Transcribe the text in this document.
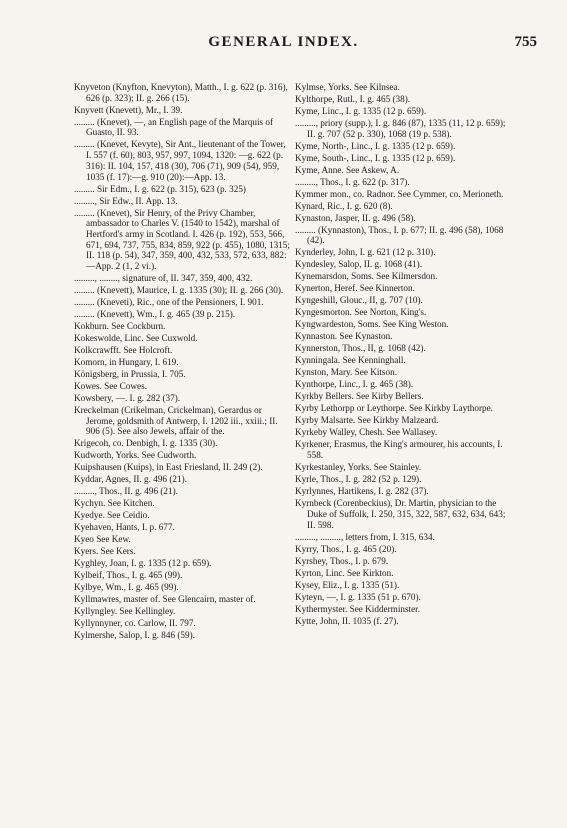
GENERAL INDEX.	755

Knyveton (Knyfton, Knevyton), Matth., I. g. 622 (p. 316), 626 (p. 323); II. g. 266 (15).

Knyvett (Knevett), Mr., I. 39.

......... (Knevet), —, an English page of the Marquis of Guasto, II. 93.

......... (Knevet, Kevyte), Sir Ant., lieutenant of the Tower, I. 557 (f. 60), 803, 957, 997, 1094, 1320: —g. 622 (p. 316): II. 104, 157, 418 (30), 706 (71), 909 (54), 959, 1035 (f. 17):—g. 910 (20):—App. 13.

......... Sir Edm., I. g. 622 (p. 315), 623 (p. 325)

........., Sir Edw., II. App. 13.

......... (Knevet), Sir Henry, of the Privy Chamber, ambassador to Charles V. (1540 to 1542), marshal of Hertford's army in Scotland. I. 426 (p. 192), 553, 566, 671, 694, 737, 755, 834, 859, 922 (p. 455), 1080, 1315; II. 118 (p. 54), 347, 359, 400, 432, 533, 572, 633, 882:—App. 2 (1, 2 vi.).

........., ........, signature of, II. 347, 359, 400, 432.

......... (Knevett), Maurice, I. g. 1335 (30); II. g. 266 (30).

......... (Kneveti), Ric., one of the Pensioners, I. 901.

......... (Knevett), Wm., I. g. 465 (39 p. 215).

Kokburn. See Cockburn.

Kokeswolde, Linc. See Cuxwold.

Kolkcrawfft. See Holcroft.

Komorn, in Hungary, I. 619.

Königsberg, in Prussia, I. 705.

Kowes. See Cowes.

Kowsbery, —. I. g. 282 (37).

Kreckelman (Crikelman, Crickelman), Gerardus or Jerome, goldsmith of Antwerp, I. 1202 iii., xxiii.; II. 906 (5). See also Jewels, affair of the.

Krigecoh, co. Denbigh, I. g. 1335 (30).

Kudworth, Yorks. See Cudworth.

Kuipshausen (Kuips), in East Friesland, II. 249 (2).

Kyddar, Agnes, II. g. 496 (21).

........., Thos., II. g. 496 (21).

Kychyn. See Kitchen.

Kyedye. See Ceidio.

Kyehaven, Hants, I. p. 677.

Kyeo See Kew.

Kyers. See Kers.

Kyghley, Joan, I. g. 1335 (12 p. 659).

Kylbeif, Thos., I. g. 465 (99).

Kylbye, Wm., I. g. 465 (99).

Kyllmawres, master of. See Glencairn, master of.

Kyllyngley. See Kellingley.

Kyllynnyner, co. Carlow, II. 797.

Kylmershe, Salop, I. g. 846 (59).

Kylmse, Yorks. See Kilnsea.

Kylthorpe, Rutl., I. g. 465 (38).

Kyme, Linc., I. g. 1335 (12 p. 659).

........., priory (supp.), I. g. 846 (87), 1335 (11, 12 p. 659); II. g. 707 (52 p. 330), 1068 (19 p. 538).

Kyme, North-, Linc., I. g. 1335 (12 p. 659).

Kyme, South-, Linc., I. g. 1335 (12 p. 659).

Kyme, Anne. See Askew, A.

........., Thos., I. g. 622 (p. 317).

Kymmer mon., co. Radnor. See Cymmer, co. Merioneth.

Kynard, Ric., I. g. 620 (8).

Kynaston, Jasper, II. g. 496 (58).

......... (Kynnaston), Thos., I. p. 677; II. g. 496 (58), 1068 (42).

Kynderley, John, I. g. 621 (12 p. 310).

Kyndesley, Salop, II. g. 1068 (41).

Kynemarsdon, Soms. See Kilmersdon.

Kynerton, Heref. See Kinnerton.

Kyngeshill, Glouc., II, g. 707 (10).

Kyngesmorton. See Norton, King's.

Kyngwardeston, Soms. See King Weston.

Kynnaston. See Kynaston.

Kynnerston, Thos., II, g. 1068 (42).

Kynningala. See Kenninghall.

Kynston, Mary. See Kitson.

Kynthorpe, Linc., I. g. 465 (38).

Kyrkby Bellers. See Kirby Bellers.

Kyrby Lethorpp or Leythorpe. See Kirkby Laythorpe.

Kyrby Malsarte. See Kirkby Malzeard.

Kyrkeby Walley, Chesh. See Wallasey.

Kyrkener, Erasmus, the King's armourer, his accounts, I. 558.

Kyrkestanley, Yorks. See Stainley.

Kyrle, Thos., I. g. 282 (52 p. 129).

Kyrlynnes, Hartikens, I. g. 282 (37).

Kyrnbeck (Corenbeckius), Dr. Martin, physician to the Duke of Suffolk, I. 250, 315, 322, 587, 632, 634, 643; II. 598.

........., ........., letters from, I. 315, 634.

Kyrry, Thos., I. g. 465 (20).

Kyrshey, Thos., I. p. 679.

Kyrton, Linc. See Kirkton.

Kysey, Eliz., I. g. 1335 (51).

Kyteyn, —, I. g. 1335 (51 p. 670).

Kythermyster. See Kidderminster.

Kytte, John, II. 1035 (f. 27).
